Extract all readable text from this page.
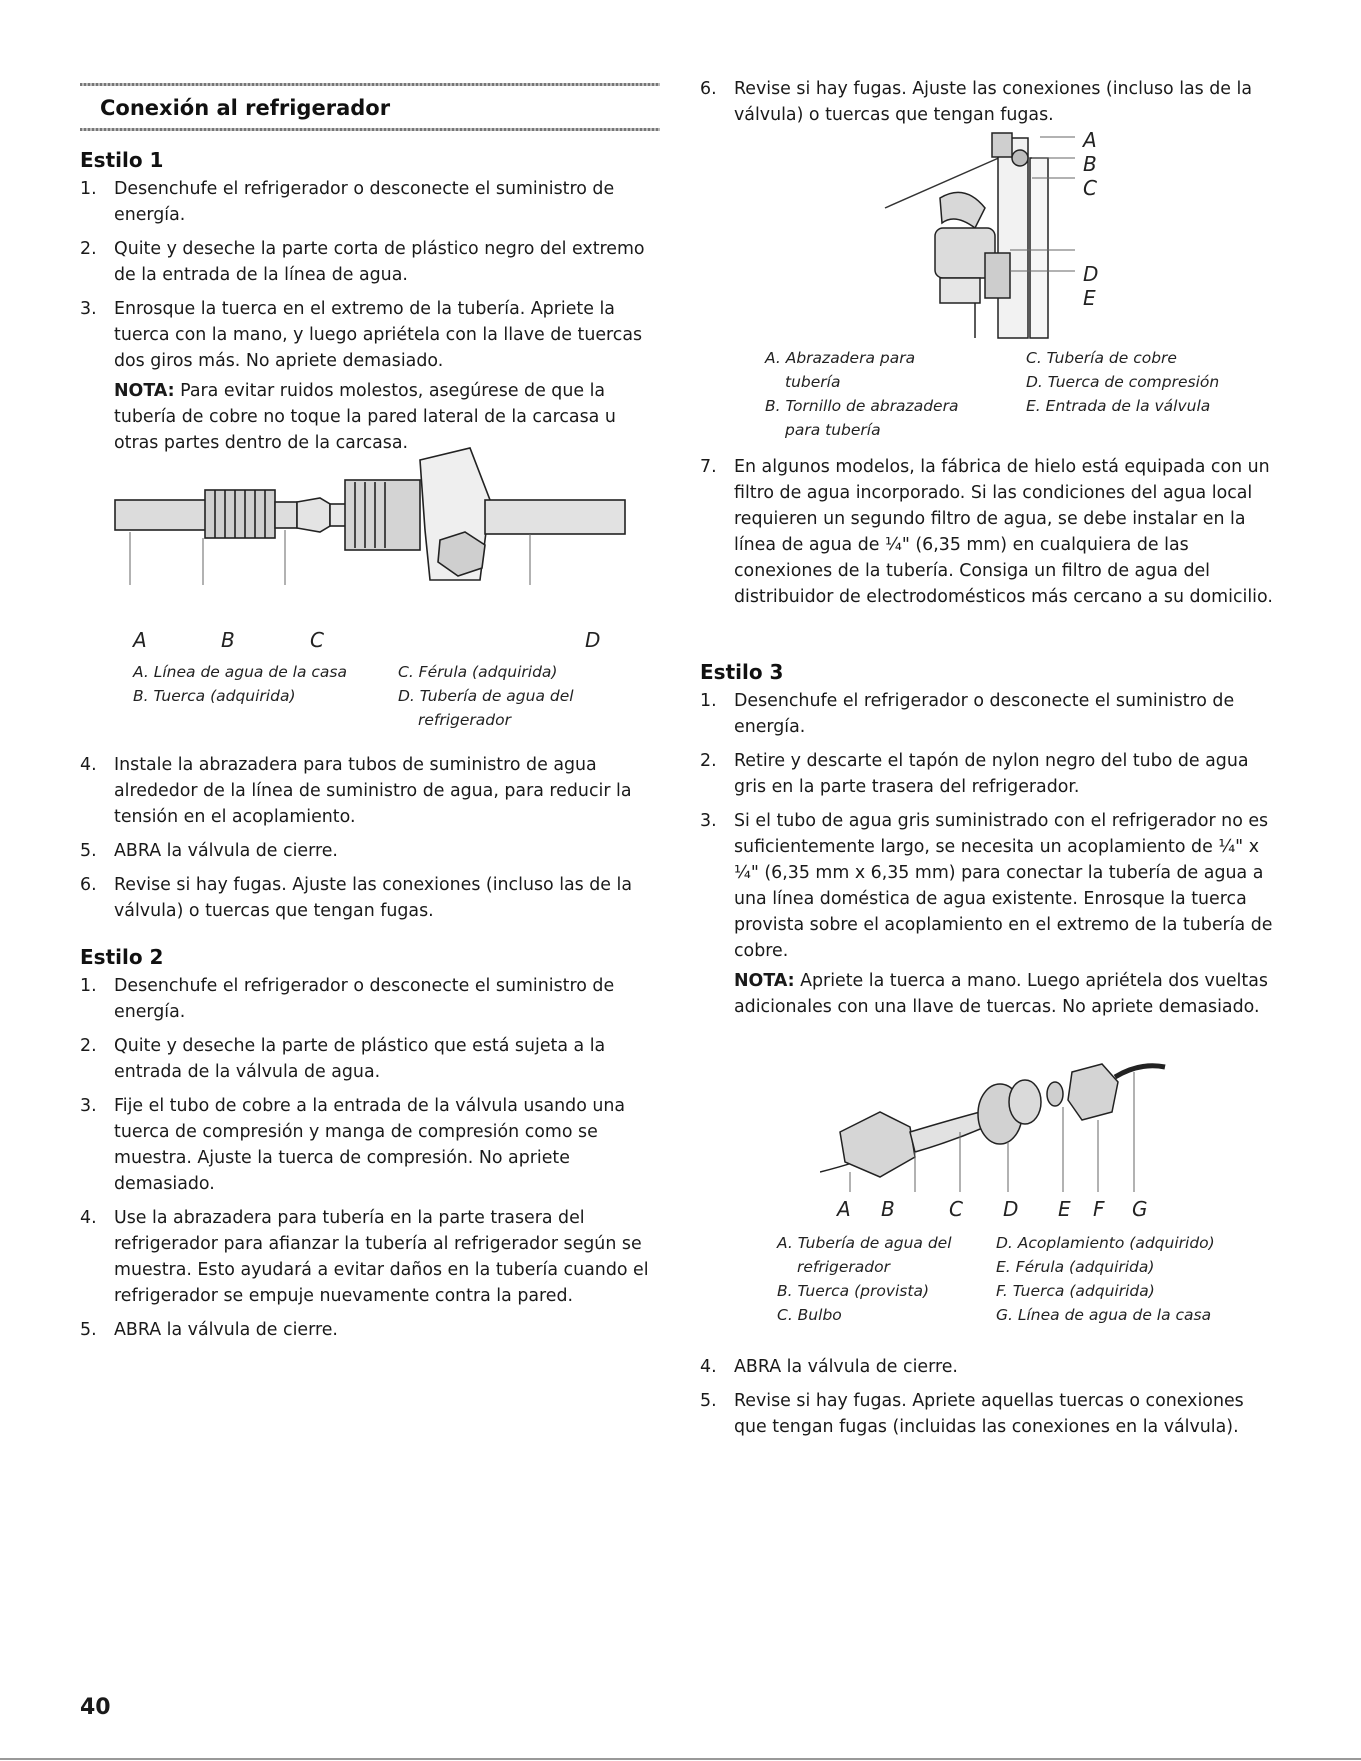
Conexión al refrigerador
Estilo 1
1. Desenchufe el refrigerador o desconecte el suministro de energía.
2. Quite y deseche la parte corta de plástico negro del extremo de la entrada de la línea de agua.
3. Enrosque la tuerca en el extremo de la tubería. Apriete la tuerca con la mano, y luego apriételа con la llave de tuercas dos giros más. No apriete demasiado.
NOTA: Para evitar ruidos molestos, asegúrese de que la tubería de cobre no toque la pared lateral de la carcasa u otras partes dentro de la carcasa.
A	B	C	D
A. Línea de agua de la casa
B. Tuerca (adquirida)
C. Férula (adquirida)
D. Tubería de agua del
refrigerador
4. Instale la abrazadera para tubos de suministro de agua alrededor de la línea de suministro de agua, para reducir la tensión en el acoplamiento.
5. ABRA la válvula de cierre.
6. Revise si hay fugas. Ajuste las conexiones (incluso las de la válvula) o tuercas que tengan fugas.
Estilo 2
1. Desenchufe el refrigerador o desconecte el suministro de energía.
2. Quite y deseche la parte de plástico que está sujeta a la entrada de la válvula de agua.
3. Fije el tubo de cobre a la entrada de la válvula usando una tuerca de compresión y manga de compresión como se muestra. Ajuste la tuerca de compresión. No apriete demasiado.
4. Use la abrazadera para tubería en la parte trasera del refrigerador para afianzar la tubería al refrigerador según se muestra. Esto ayudará a evitar daños en la tubería cuando el refrigerador se empuje nuevamente contra la pared.
5. ABRA la válvula de cierre.
6. Revise si hay fugas. Ajuste las conexiones (incluso las de la válvula) o tuercas que tengan fugas.
A
B
C
D
E
A. Abrazadera para
tubería
B. Tornillo de abrazadera
para tubería
C. Tubería de cobre
D. Tuerca de compresión
E. Entrada de la válvula
7. En algunos modelos, la fábrica de hielo está equipada con un filtro de agua incorporado. Si las condiciones del agua local requieren un segundo filtro de agua, se debe instalar en la línea de agua de ¼" (6,35 mm) en cualquiera de las conexiones de la tubería. Consiga un filtro de agua del distribuidor de electrodomésticos más cercano a su domicilio.
Estilo 3
1. Desenchufe el refrigerador o desconecte el suministro de energía.
2. Retire y descarte el tapón de nylon negro del tubo de agua gris en la parte trasera del refrigerador.
3. Si el tubo de agua gris suministrado con el refrigerador no es suficientemente largo, se necesita un acoplamiento de ¼" x ¼" (6,35 mm x 6,35 mm) para conectar la tubería de agua a una línea doméstica de agua existente. Enrosque la tuerca provista sobre el acoplamiento en el extremo de la tubería de cobre.
NOTA: Apriete la tuerca a mano. Luego apriételа dos vueltas adicionales con una llave de tuercas. No apriete demasiado.
A B	C D E F G
A. Tubería de agua del
refrigerador
B. Tuerca (provista)
C. Bulbo
D. Acoplamiento (adquirido)
E. Férula (adquirida)
F. Tuerca (adquirida)
G. Línea de agua de la casa
4. ABRA la válvula de cierre.
5. Revise si hay fugas. Apriete aquellas tuercas o conexiones que tengan fugas (incluidas las conexiones en la válvula).
40
